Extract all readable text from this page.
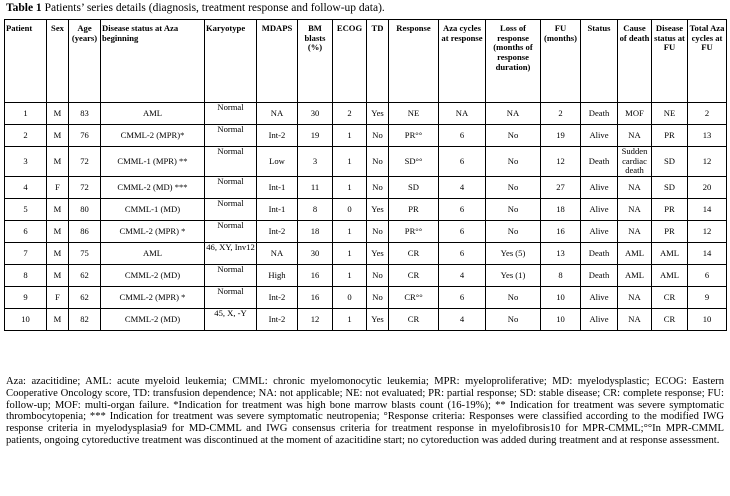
Table 1 Patients’ series details (diagnosis, treatment response and follow-up data).
Patient	Sex	Age (years)	Disease status at Aza beginning	Karyotype	MDAPS	BM blasts (%)	ECOG	TD	Response	Aza cycles at response	Loss of response (months of response duration)	FU (months)	Status	Cause of death	Disease status at FU	Total Aza cycles at FU
1	M	83	AML	Normal	NA	30	2	Yes	NE	NA	NA	2	Death	MOF	NE	2
2	M	76	CMML-2 (MPR)*	Normal	Int-2	19	1	No	PR°°	6	No	19	Alive	NA	PR	13
3	M	72	CMML-1 (MPR) **	Normal	Low	3	1	No	SD°°	6	No	12	Death	Sudden cardiac death	SD	12
4	F	72	CMML-2 (MD) ***	Normal	Int-1	11	1	No	SD	4	No	27	Alive	NA	SD	20
5	M	80	CMML-1 (MD)	Normal	Int-1	8	0	Yes	PR	6	No	18	Alive	NA	PR	14
6	M	86	CMML-2 (MPR) *	Normal	Int-2	18	1	No	PR°°	6	No	16	Alive	NA	PR	12
7	M	75	AML	46, XY, Inv12	NA	30	1	Yes	CR	6	Yes (5)	13	Death	AML	AML	14
8	M	62	CMML-2 (MD)	Normal	High	16	1	No	CR	4	Yes (1)	8	Death	AML	AML	6
9	F	62	CMML-2 (MPR) *	Normal	Int-2	16	0	No	CR°°	6	No	10	Alive	NA	CR	9
10	M	82	CMML-2 (MD)	45, X, -Y	Int-2	12	1	Yes	CR	4	No	10	Alive	NA	CR	10
Aza: azacitidine; AML: acute myeloid leukemia; CMML: chronic myelomonocytic leukemia; MPR: myeloproliferative; MD: myelodysplastic; ECOG: Eastern Cooperative Oncology score, TD: transfusion dependence; NA: not applicable; NE: not evaluated; PR: partial response; SD: stable disease; CR: complete response; FU: follow-up; MOF: multi-organ failure. *Indication for treatment was high bone marrow blasts count (16-19%); ** Indication for treatment was severe symptomatic thrombocytopenia; *** Indication for treatment was severe symptomatic neutropenia; °Response criteria: Responses were classified according to the modified IWG response criteria in myelodysplasia9 for MD-CMML and IWG consensus criteria for treatment response in myelofibrosis10 for MPR-CMML;°°In MPR-CMML patients, ongoing cytoreductive treatment was discontinued at the moment of azacitidine start; no cytoreduction was added during treatment and at response assessment.
